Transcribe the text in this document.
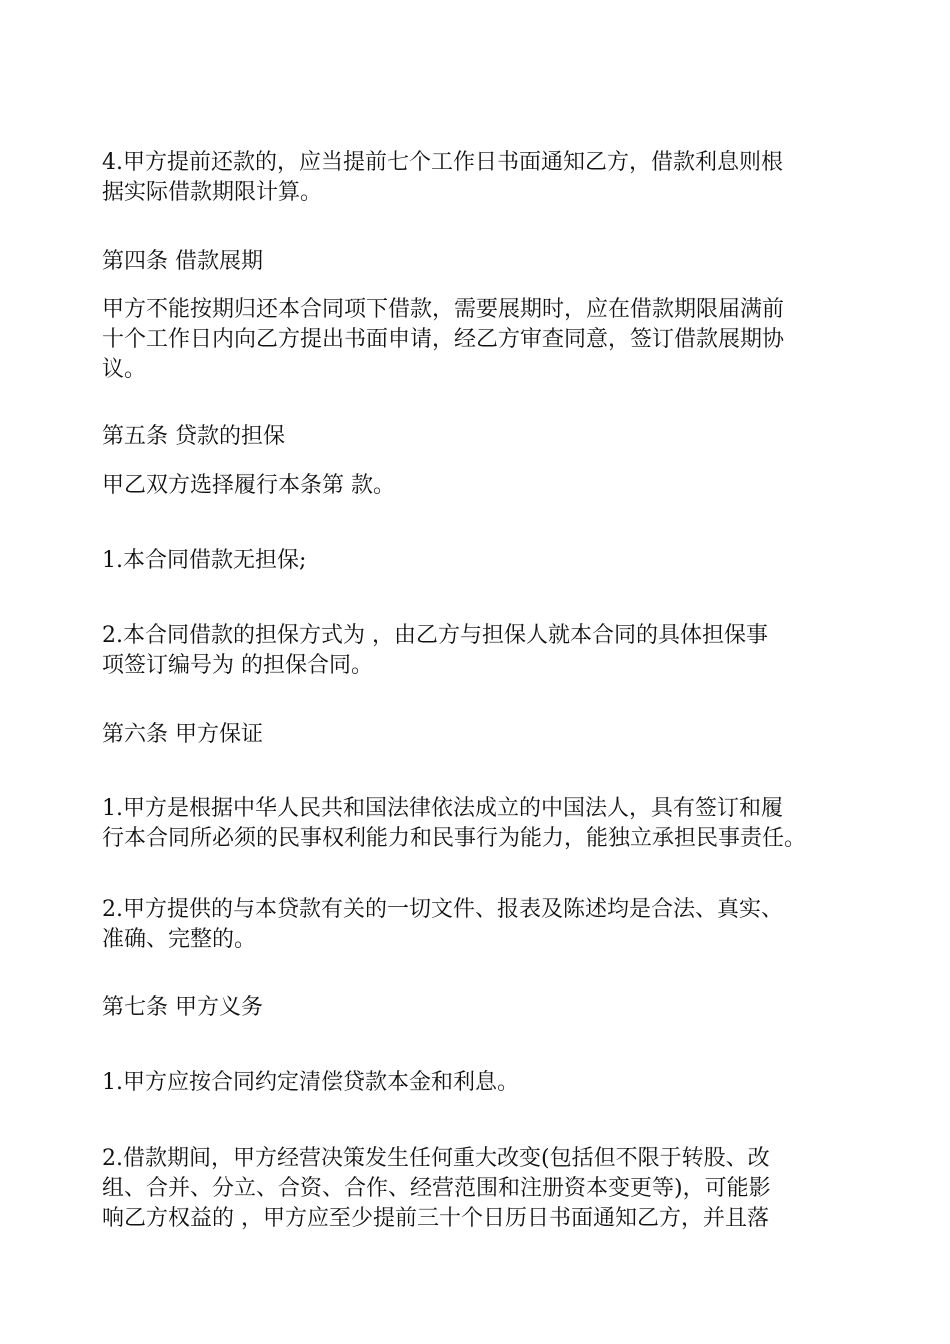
4.甲方提前还款的，应当提前七个工作日书面通知乙方，借款利息则根
据实际借款期限计算。

第四条 借款展期

甲方不能按期归还本合同项下借款，需要展期时，应在借款期限届满前
十个工作日内向乙方提出书面申请，经乙方审查同意，签订借款展期协
议。

第五条 贷款的担保

甲乙双方选择履行本条第 款。

1.本合同借款无担保;

2.本合同借款的担保方式为 ，由乙方与担保人就本合同的具体担保事
项签订编号为 的担保合同。

第六条 甲方保证

1.甲方是根据中华人民共和国法律依法成立的中国法人，具有签订和履
行本合同所必须的民事权利能力和民事行为能力，能独立承担民事责任。

2.甲方提供的与本贷款有关的一切文件、报表及陈述均是合法、真实、
准确、完整的。

第七条 甲方义务

1.甲方应按合同约定清偿贷款本金和利息。

2.借款期间，甲方经营决策发生任何重大改变(包括但不限于转股、改
组、合并、分立、合资、合作、经营范围和注册资本变更等)，可能影
响乙方权益的 ，甲方应至少提前三十个日历日书面通知乙方，并且落
